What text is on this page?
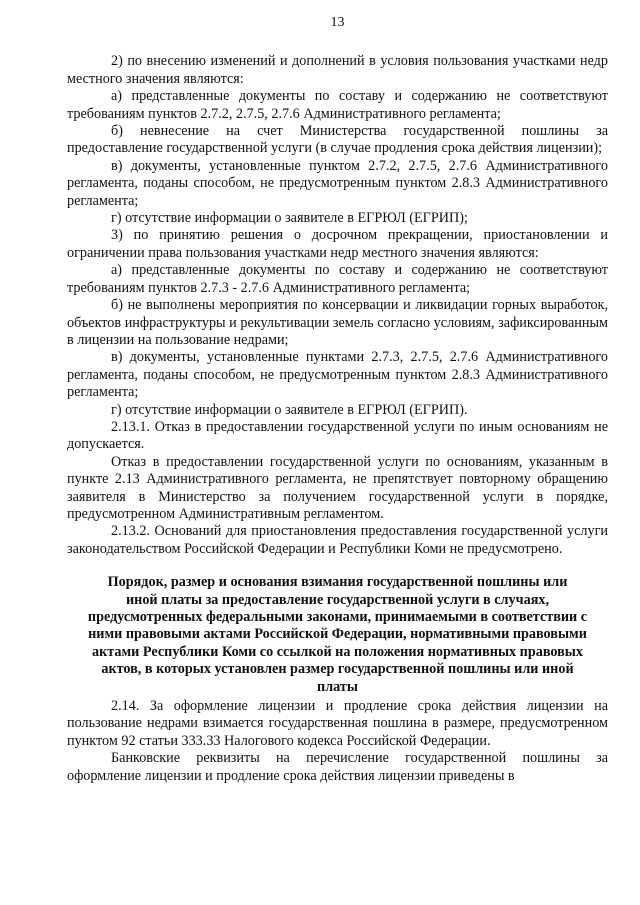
13

2) по внесению изменений и дополнений в условия пользования участками недр местного значения являются:

а) представленные документы по составу и содержанию не соответствуют требованиям пунктов 2.7.2, 2.7.5, 2.7.6 Административного регламента;

б) невнесение на счет Министерства государственной пошлины за предоставление государственной услуги (в случае продления срока действия лицензии);

в) документы, установленные пунктом 2.7.2, 2.7.5, 2.7.6 Административного регламента, поданы способом, не предусмотренным пунктом 2.8.3 Административного регламента;

г) отсутствие информации о заявителе в ЕГРЮЛ (ЕГРИП);

3) по принятию решения о досрочном прекращении, приостановлении и ограничении права пользования участками недр местного значения являются:

а) представленные документы по составу и содержанию не соответствуют требованиям пунктов 2.7.3 - 2.7.6 Административного регламента;

б) не выполнены мероприятия по консервации и ликвидации горных выработок, объектов инфраструктуры и рекультивации земель согласно условиям, зафиксированным в лицензии на пользование недрами;

в) документы, установленные пунктами 2.7.3, 2.7.5, 2.7.6 Административного регламента, поданы способом, не предусмотренным пунктом 2.8.3 Административного регламента;

г) отсутствие информации о заявителе в ЕГРЮЛ (ЕГРИП).

2.13.1. Отказ в предоставлении государственной услуги по иным основаниям не допускается.

Отказ в предоставлении государственной услуги по основаниям, указанным в пункте 2.13 Административного регламента, не препятствует повторному обращению заявителя в Министерство за получением государственной услуги в порядке, предусмотренном Административным регламентом.

2.13.2. Оснований для приостановления предоставления государственной услуги законодательством Российской Федерации и Республики Коми не предусмотрено.

Порядок, размер и основания взимания государственной пошлины или
иной платы за предоставление государственной услуги в случаях,
предусмотренных федеральными законами, принимаемыми в соответствии с
ними правовыми актами Российской Федерации, нормативными правовыми
актами Республики Коми со ссылкой на положения нормативных правовых
актов, в которых установлен размер государственной пошлины или иной
платы

2.14. За оформление лицензии и продление срока действия лицензии на пользование недрами взимается государственная пошлина в размере, предусмотренном пунктом 92 статьи 333.33 Налогового кодекса Российской Федерации.

Банковские реквизиты на перечисление государственной пошлины за оформление лицензии и продление срока действия лицензии приведены в
